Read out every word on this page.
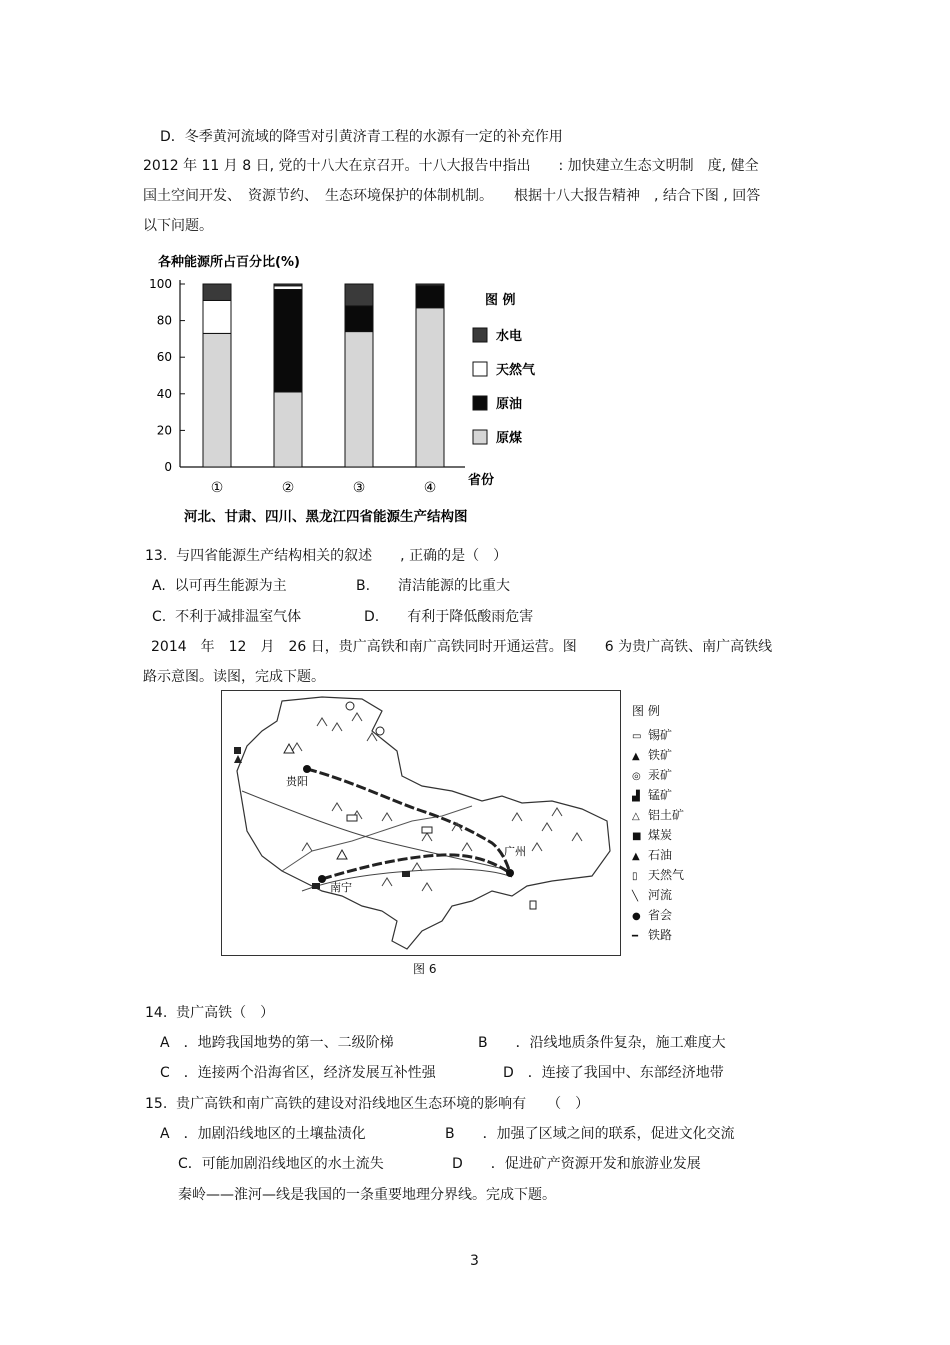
D．冬季黄河流域的降雪对引黄济青工程的水源有一定的补充作用
2012 年 11 月 8 日, 党的十八大在京召开。十八大报告中指出　　: 加快建立生态文明制　度, 健全
国土空间开发、　资源节约、　生态环境保护的体制机制。　　根据十八大报告精神　, 结合下图 , 回答
以下问题。
各种能源所占百分比(%)
0
20
40
60
80
100
①	②	③	④ 省份
图 例
水电
天然气
原油
原煤
河北、甘肃、四川、黑龙江四省能源生产结构图
13.  与四省能源生产结构相关的叙述　　, 正确的是（　）
A.  以可再生能源为主	B.　　清洁能源的比重大
C.  不利于减排温室气体	D.　　有利于降低酸雨危害
2014　年　12　月　26 日，贵广高铁和南广高铁同时开通运营。图　　6 为贵广高铁、南广高铁线
路示意图。读图，完成下题。
贵阳
南宁
广州
图 例
▭ 锡矿
▲ 铁矿
◎ 汞矿
▟ 锰矿
△ 铝土矿
■ 煤炭
▲ 石油
▯ 天然气
╲ 河流
● 省会
━ 铁路
图 6
14.  贵广高铁（　）
A　．地跨我国地势的第一、二级阶梯	B　　．沿线地质条件复杂，施工难度大
C　．连接两个沿海省区，经济发展互补性强	D　．连接了我国中、东部经济地带
15.  贵广高铁和南广高铁的建设对沿线地区生态环境的影响有　　（　）
A　．加剧沿线地区的土壤盐渍化	B　　．加强了区域之间的联系，促进文化交流
C．可能加剧沿线地区的水土流失	D　　．促进矿产资源开发和旅游业发展
秦岭——淮河—线是我国的一条重要地理分界线。完成下题。
3
